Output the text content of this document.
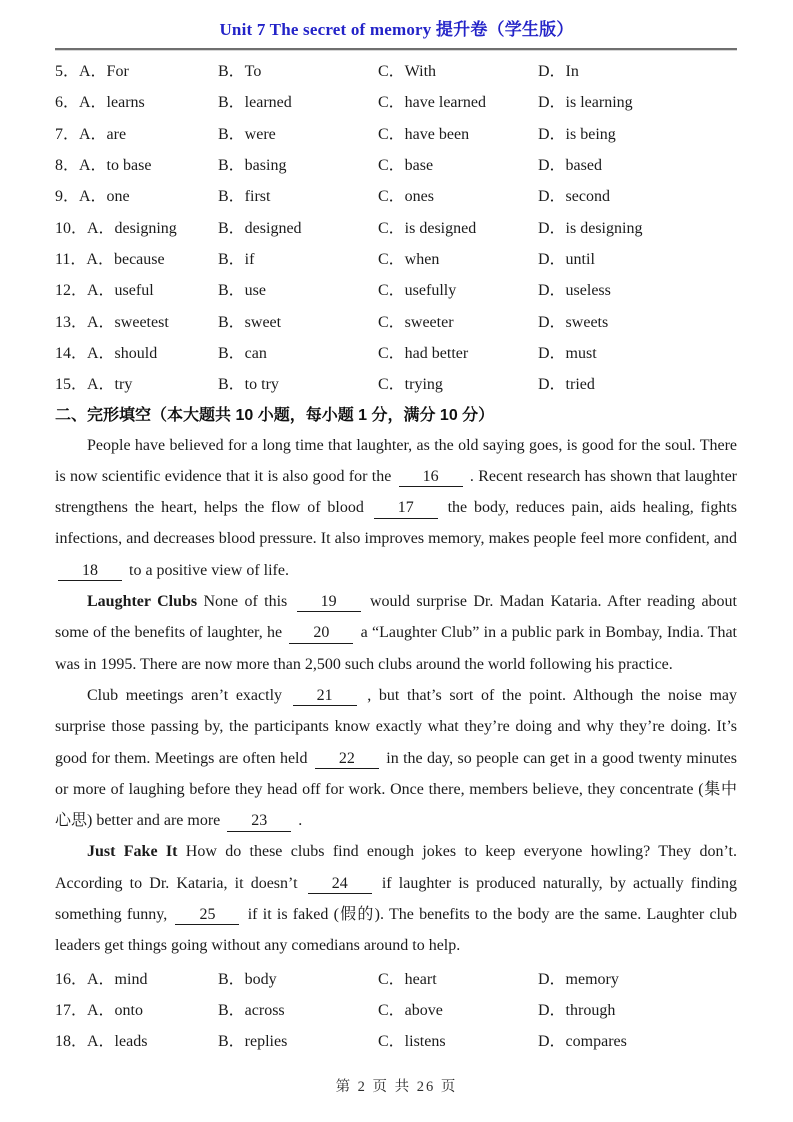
Unit 7 The secret of memory 提升卷（学生版）
5．A．For	B．To	C．With	D．In
6．A．learns	B．learned	C．have learned	D．is learning
7．A．are	B．were	C．have been	D．is being
8．A．to base	B．basing	C．base	D．based
9．A．one	B．first	C．ones	D．second
10．A．designing	B．designed	C．is designed	D．is designing
11．A．because	B．if	C．when	D．until
12．A．useful	B．use	C．usefully	D．useless
13．A．sweetest	B．sweet	C．sweeter	D．sweets
14．A．should	B．can	C．had better	D．must
15．A．try	B．to try	C．trying	D．tried
二、完形填空（本大题共 10 小题，每小题 1 分，满分 10 分）

People have believed for a long time that laughter, as the old saying goes, is good for the soul. There is now scientific evidence that it is also good for the 16 . Recent research has shown that laughter strengthens the heart, helps the flow of blood 17 the body, reduces pain, aids healing, fights infections, and decreases blood pressure. It also improves memory, makes people feel more confident, and 18 to a positive view of life.

Laughter Clubs None of this 19 would surprise Dr. Madan Kataria. After reading about some of the benefits of laughter, he 20 a “Laughter Club” in a public park in Bombay, India. That was in 1995. There are now more than 2,500 such clubs around the world following his practice.

Club meetings aren’t exactly 21 , but that’s sort of the point. Although the noise may surprise those passing by, the participants know exactly what they’re doing and why they’re doing. It’s good for them. Meetings are often held 22 in the day, so people can get in a good twenty minutes or more of laughing before they head off for work. Once there, members believe, they concentrate (集中心思) better and are more 23 .

Just Fake It How do these clubs find enough jokes to keep everyone howling? They don’t. According to Dr. Kataria, it doesn’t 24 if laughter is produced naturally, by actually finding something funny, 25 if it is faked (假的). The benefits to the body are the same. Laughter club leaders get things going without any comedians around to help.

16．A．mind	B．body	C．heart	D．memory
17．A．onto	B．across	C．above	D．through
18．A．leads	B．replies	C．listens	D．compares
第 2 页 共 26 页
